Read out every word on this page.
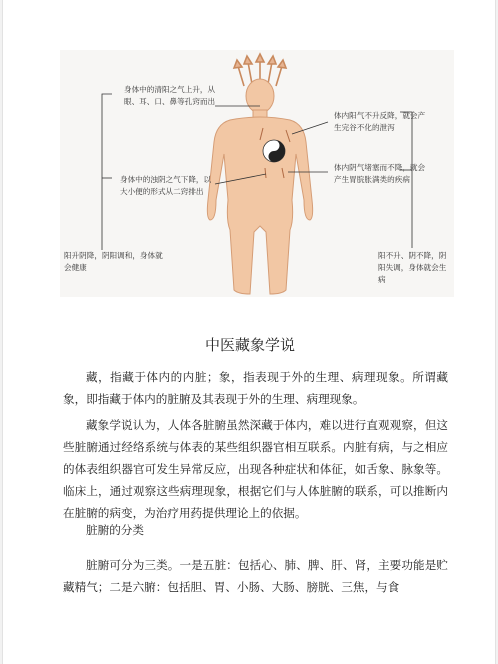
身体中的清阳之气上升，从眼、耳、口、鼻等孔窍而出
身体中的浊阴之气下降，以大小便的形式从二窍排出
阳升阴降，阴阳调和，身体就会健康
体内阳气不升反降，就会产生完谷不化的泄泻
体内阴气堵塞而不降，就会产生胃脘胀满类的疾病
阳不升、阴不降，阴阳失调，身体就会生病
中医藏象学说

藏，指藏于体内的内脏；象，指表现于外的生理、病理现象。所谓藏象，即指藏于体内的脏腑及其表现于外的生理、病理现象。

藏象学说认为，人体各脏腑虽然深藏于体内，难以进行直观观察，但这些脏腑通过经络系统与体表的某些组织器官相互联系。内脏有病，与之相应的体表组织器官可发生异常反应，出现各种症状和体征，如舌象、脉象等。临床上，通过观察这些病理现象，根据它们与人体脏腑的联系，可以推断内在脏腑的病变，为治疗用药提供理论上的依据。

脏腑的分类

脏腑可分为三类。一是五脏：包括心、肺、脾、肝、肾，主要功能是贮藏精气；二是六腑：包括胆、胃、小肠、大肠、膀胱、三焦，与食
